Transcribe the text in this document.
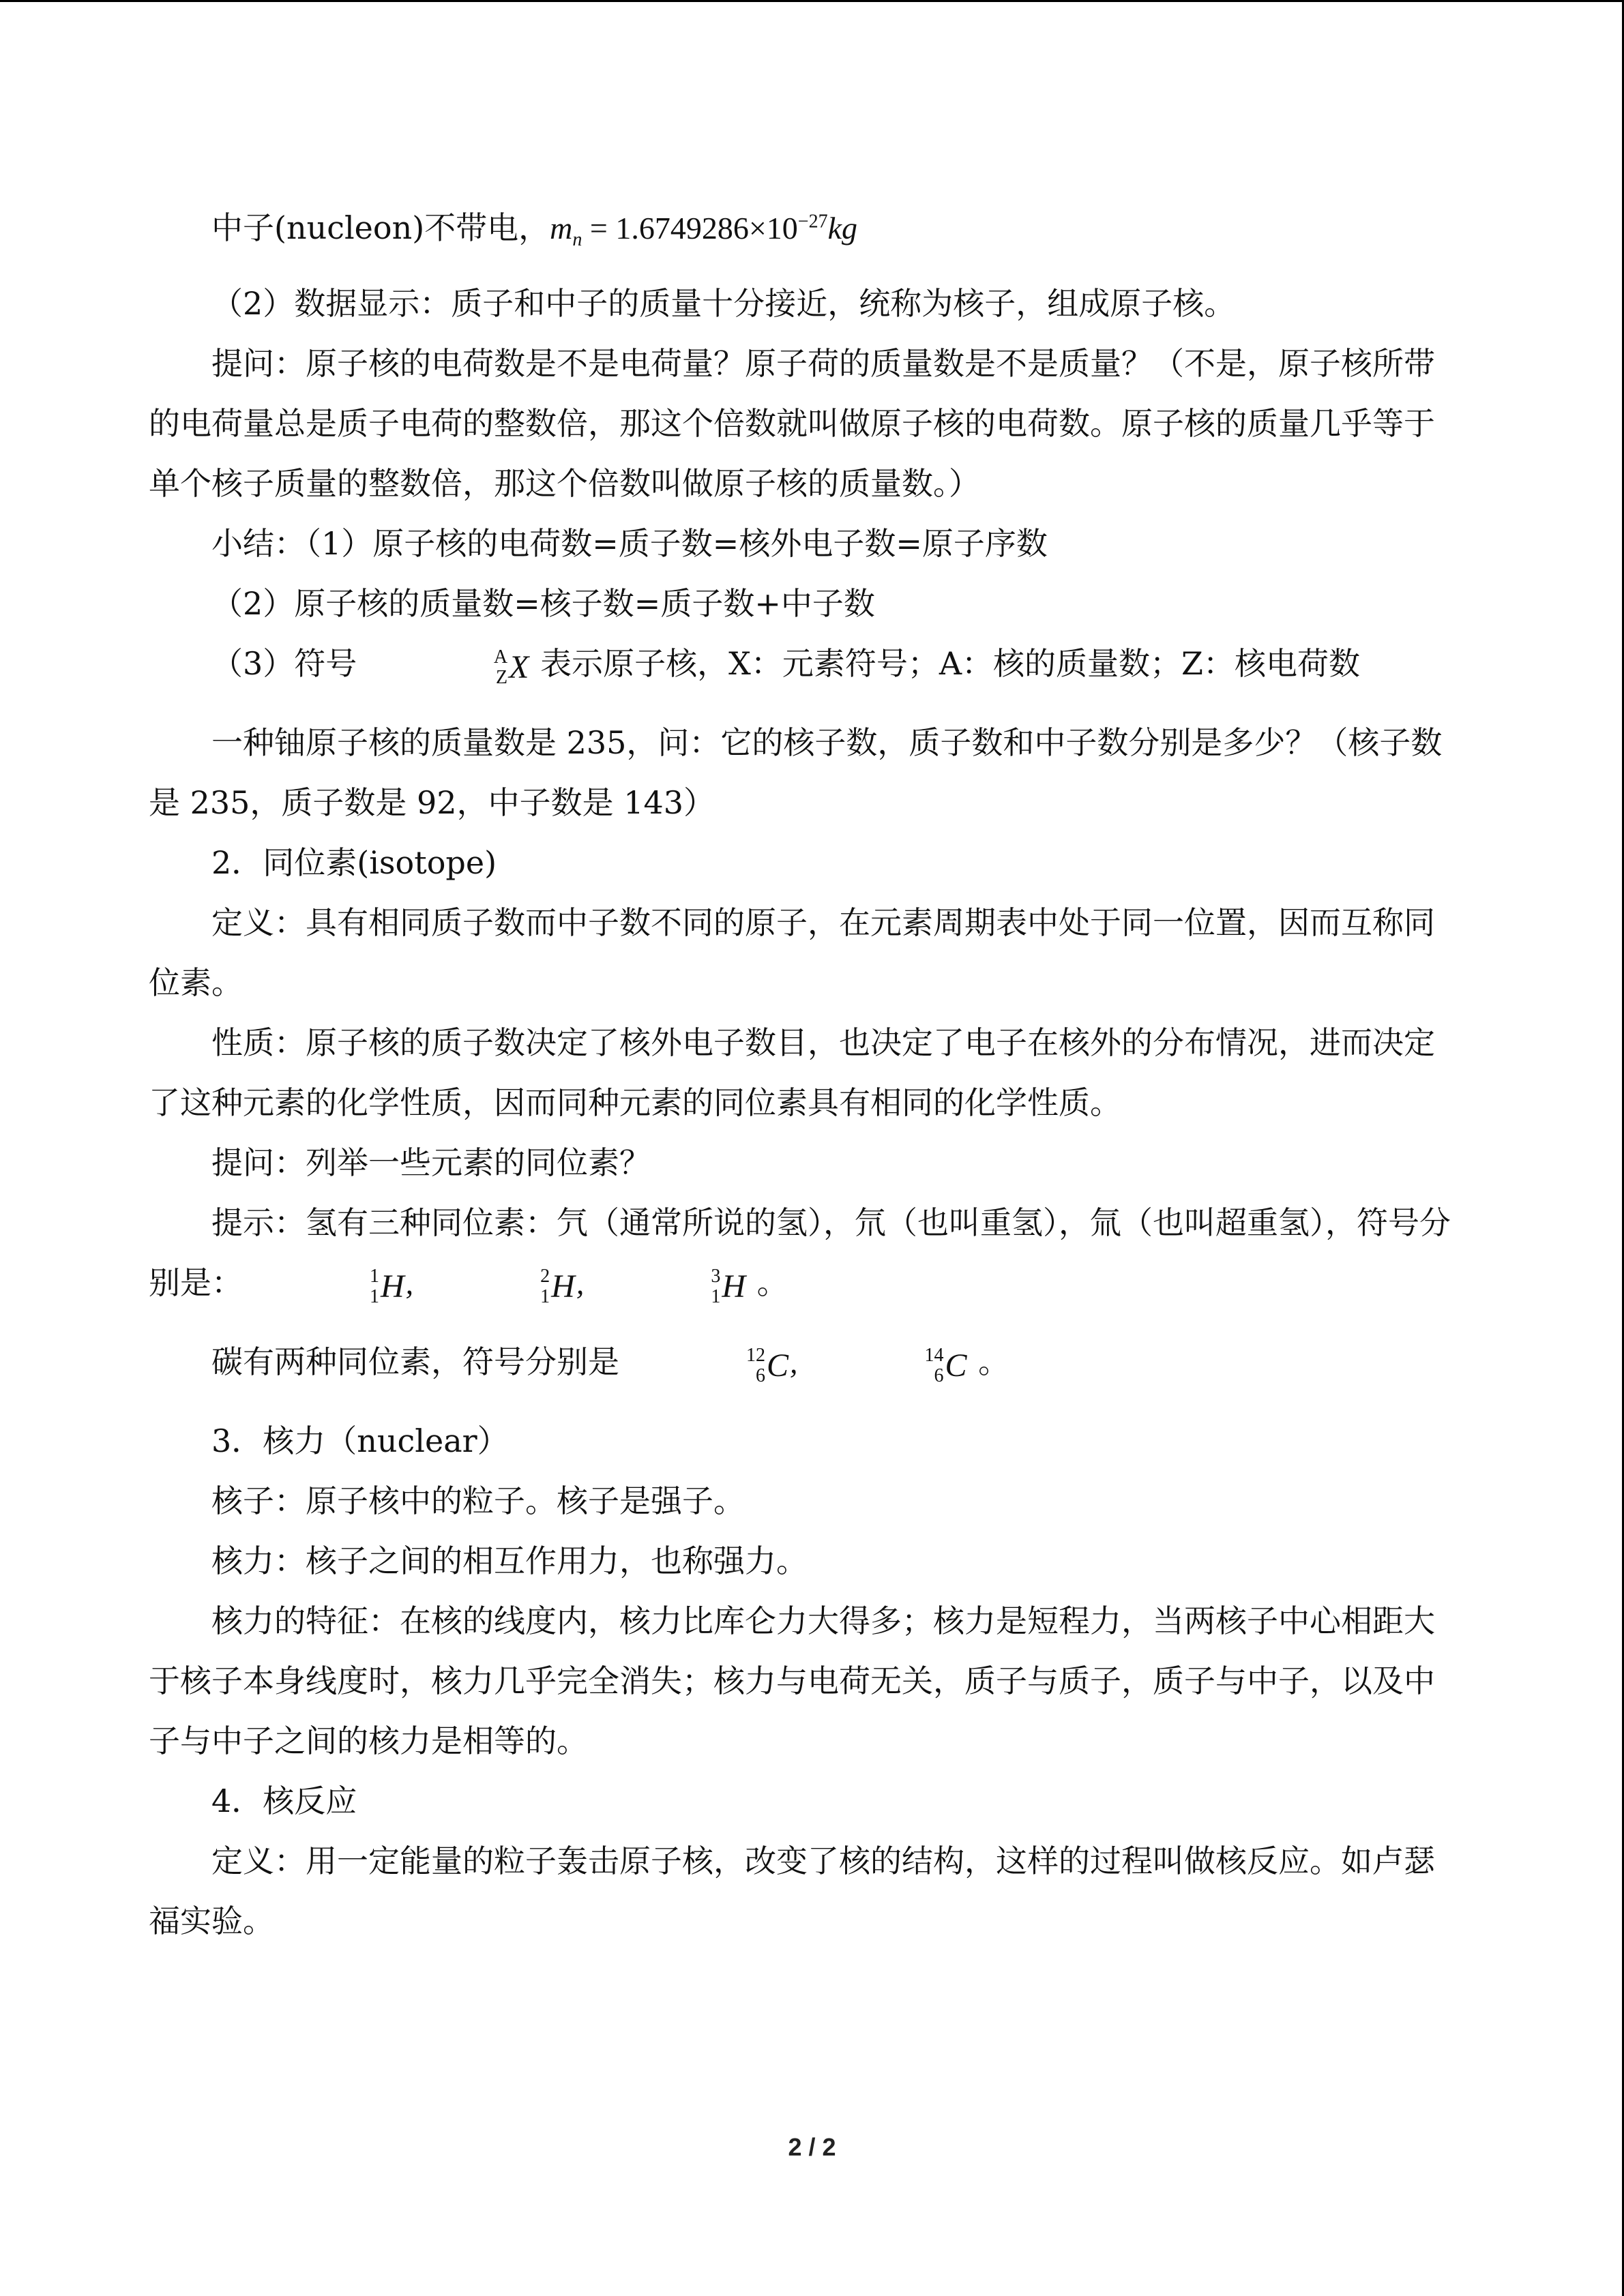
中子(nucleon)不带电，$m_n = 1.6749286\times 10^{-27}kg$

（2）数据显示：质子和中子的质量十分接近，统称为核子，组成原子核。

提问：原子核的电荷数是不是电荷量？原子荷的质量数是不是质量？（不是，原子核所带的电荷量总是质子电荷的整数倍，那这个倍数就叫做原子核的电荷数。原子核的质量几乎等于单个核子质量的整数倍，那这个倍数叫做原子核的质量数。）

小结：（1）原子核的电荷数=质子数=核外电子数=原子序数

（2）原子核的质量数=核子数=质子数+中子数

（3）符号	A
Z X 表示原子核，X：元素符号；A：核的质量数；Z：核电荷数

一种铀原子核的质量数是 235，问：它的核子数，质子数和中子数分别是多少？（核子数是 235，质子数是 92，中子数是 143）

2．同位素(isotope)

定义：具有相同质子数而中子数不同的原子，在元素周期表中处于同一位置，因而互称同位素。

性质：原子核的质子数决定了核外电子数目，也决定了电子在核外的分布情况，进而决定了这种元素的化学性质，因而同种元素的同位素具有相同的化学性质。

提问：列举一些元素的同位素？

提示：氢有三种同位素：氕（通常所说的氢），氘（也叫重氢），氚（也叫超重氢），符号分别是：	1
1 H,	2
1 H,	3
1 H 。

碳有两种同位素，符号分别是	12
6 C,	14
6 C 。

3．核力（nuclear）

核子：原子核中的粒子。核子是强子。

核力：核子之间的相互作用力，也称强力。

核力的特征：在核的线度内，核力比库仑力大得多；核力是短程力，当两核子中心相距大于核子本身线度时，核力几乎完全消失；核力与电荷无关，质子与质子，质子与中子，以及中子与中子之间的核力是相等的。

4．核反应

定义：用一定能量的粒子轰击原子核，改变了核的结构，这样的过程叫做核反应。如卢瑟福实验。

2 / 2
